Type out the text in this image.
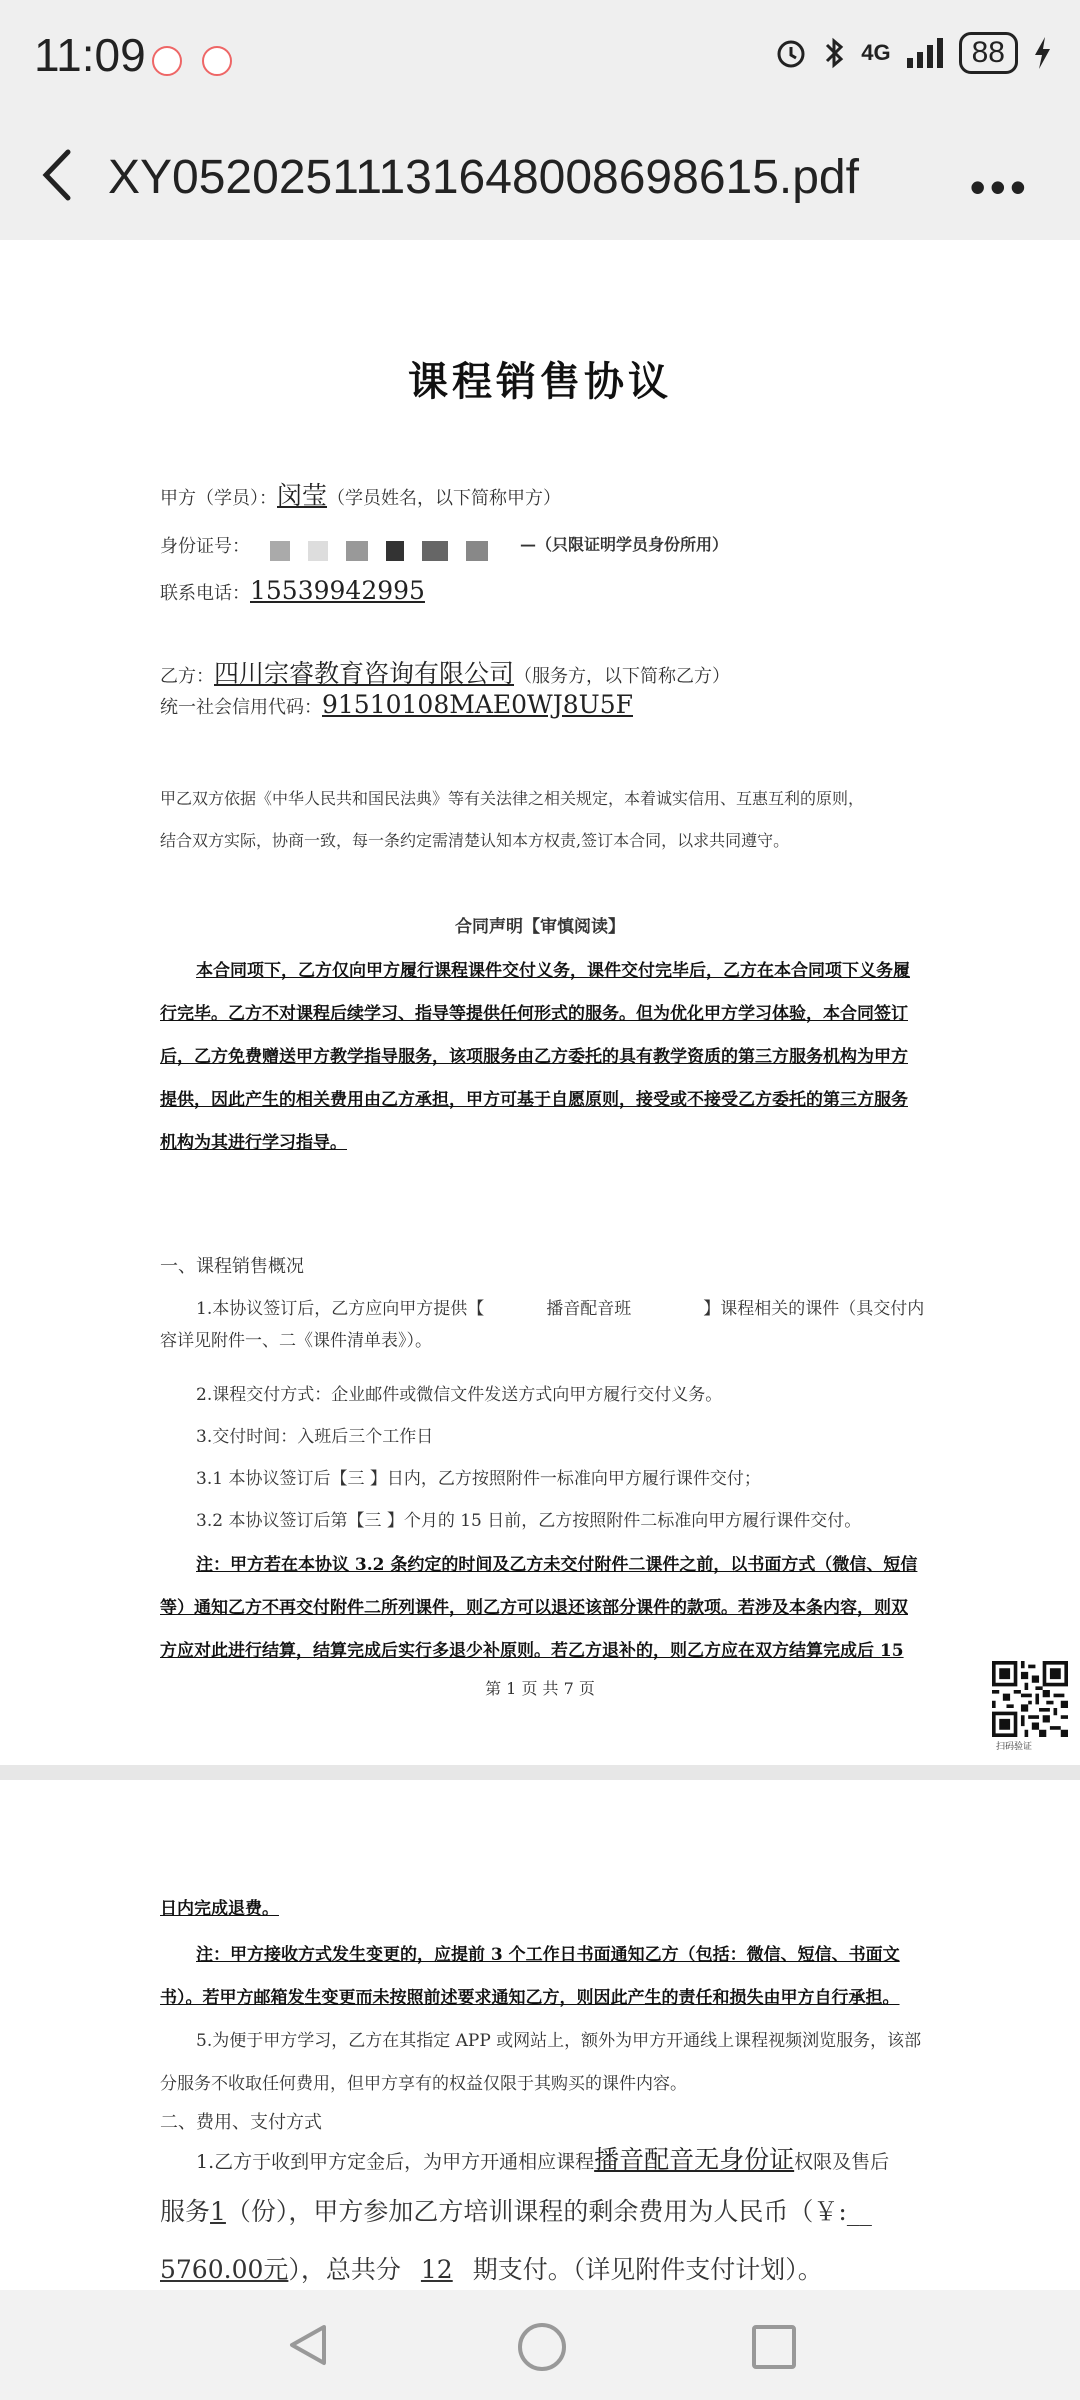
11:09	4G	88
XY0520251113164800869861​5.pdf •••
课程销售协议
甲方（学员）：闵莹（学员姓名，以下简称甲方）
身份证号：	—（只限证明学员身份所用）
联系电话：15539942995
乙方：四川宗睿教育咨询有限公司（服务方，以下简称乙方）
统一社会信用代码：91510108MAE0WJ8U5F
甲乙双方依据《中华人民共和国民法典》等有关法律之相关规定，本着诚实信用、互惠互利的原则，
结合双方实际，协商一致，每一条约定需清楚认知本方权责,签订本合同，以求共同遵守。
合同声明【审慎阅读】
本合同项下，乙方仅向甲方履行课程课件交付义务，课件交付完毕后，乙方在本合同项下义务履
行完毕。乙方不对课程后续学习、指导等提供任何形式的服务。但为优化甲方学习体验，本合同签订
后，乙方免费赠送甲方教学指导服务，该项服务由乙方委托的具有教学资质的第三方服务机构为甲方
提供，因此产生的相关费用由乙方承担，甲方可基于自愿原则，接受或不接受乙方委托的第三方服务
机构为其进行学习指导。
一、课程销售概况
1.本协议签订后，乙方应向甲方提供【	播音配音班	】课程相关的课件（具交付内
容详见附件一、二《课件清单表》）。
2.课程交付方式：企业邮件或微信文件发送方式向甲方履行交付义务。
3.交付时间：入班后三个工作日
3.1 本协议签订后【三 】日内，乙方按照附件一标准向甲方履行课件交付；
3.2 本协议签订后第【三 】个月的 15 日前，乙方按照附件二标准向甲方履行课件交付。
注：甲方若在本协议 3.2 条约定的时间及乙方未交付附件二课件之前，以书面方式（微信、短信
等）通知乙方不再交付附件二所列课件，则乙方可以退还该部分课件的款项。若涉及本条内容，则双
方应对此进行结算，结算完成后实行多退少补原则。若乙方退补的，则乙方应在双方结算完成后 15
第 1 页 共 7 页
扫码验证
日内完成退费。
注：甲方接收方式发生变更的，应提前 3 个工作日书面通知乙方（包括：微信、短信、书面文
书）。若甲方邮箱发生变更而未按照前述要求通知乙方，则因此产生的责任和损失由甲方自行承担。
5.为便于甲方学习，乙方在其指定 APP 或网站上，额外为甲方开通线上课程视频浏览服务，该部
分服务不收取任何费用，但甲方享有的权益仅限于其购买的课件内容。
二、费用、支付方式
1.乙方于收到甲方定金后，为甲方开通相应课程播音配音无身份证权限及售后
服务1（份），甲方参加乙方培训课程的剩余费用为人民币（￥:__
5760.00元），总共分 12 期支付。（详见附件支付计划）。
